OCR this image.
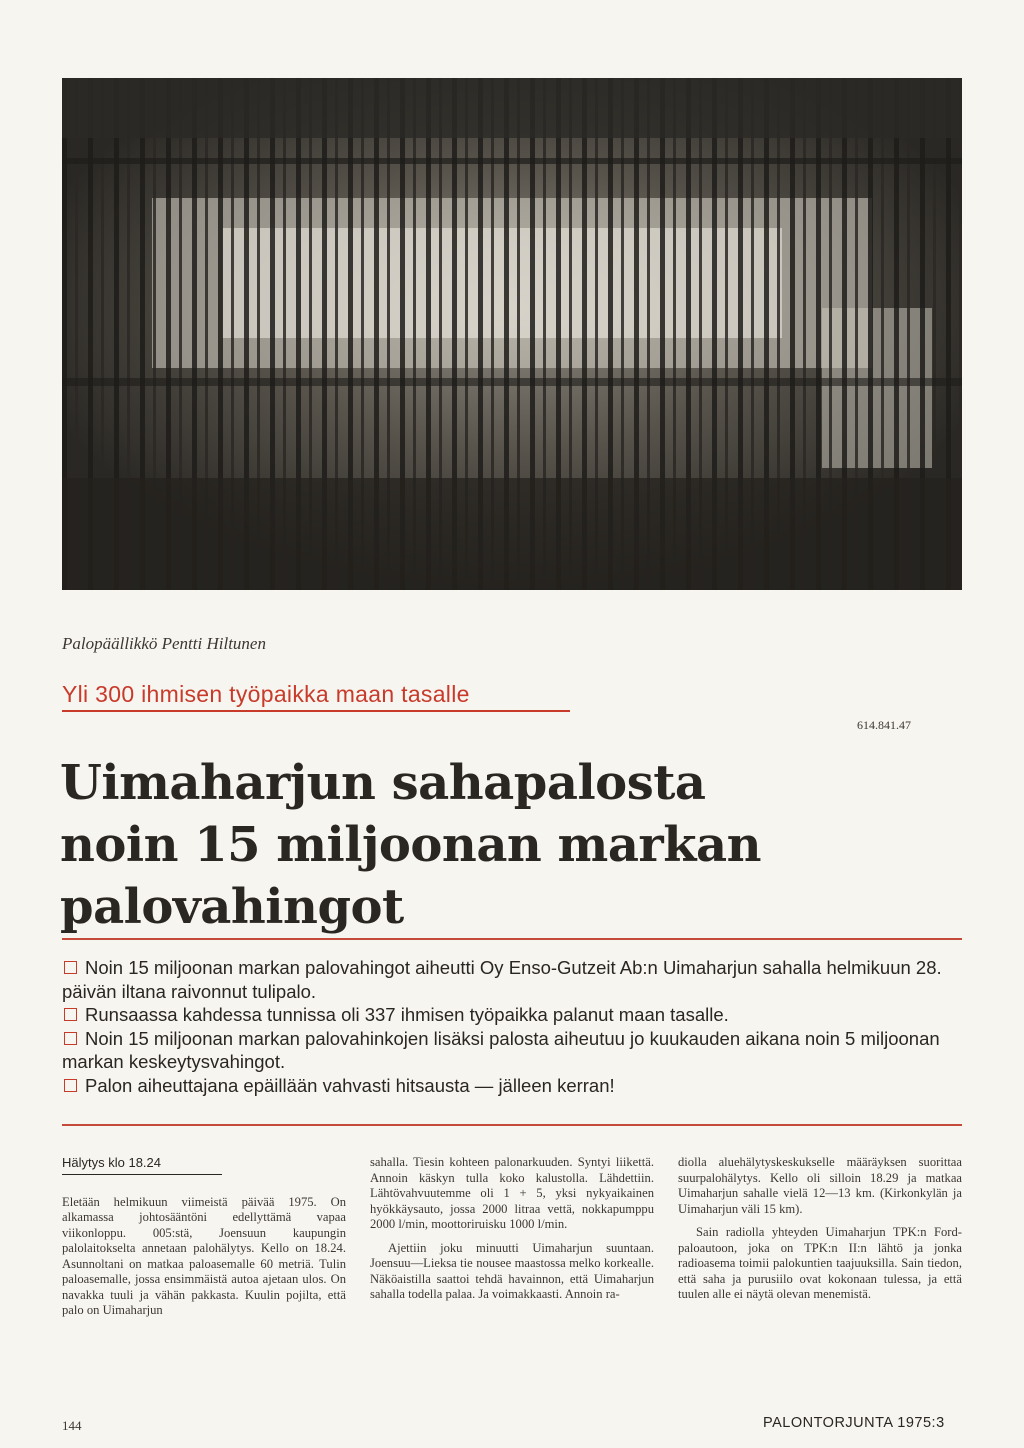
Palopäällikkö Pentti Hiltunen
Yli 300 ihmisen työpaikka maan tasalle
614.841.47
Uimaharjun sahapalosta
noin 15 miljoonan markan palovahingot

Noin 15 miljoonan markan palovahingot aiheutti Oy Enso-Gutzeit Ab:n Uimaharjun sahalla helmikuun 28. päivän iltana raivonnut tulipalo.

Runsaassa kahdessa tunnissa oli 337 ihmisen työpaikka palanut maan tasalle.

Noin 15 miljoonan markan palovahinkojen lisäksi palosta aiheutuu jo kuukauden aikana noin 5 miljoonan markan keskeytysvahingot.

Palon aiheuttajana epäillään vahvasti hitsausta — jälleen kerran!

Hälytys klo 18.24

Eletään helmikuun viimeistä päivää 1975. On alkamassa johtosääntöni edellyttämä vapaa viikonloppu. 005:stä, Joensuun kaupungin palolaitokselta annetaan palohälytys. Kello on 18.24. Asunnoltani on matkaa paloasemalle 60 metriä. Tulin paloasemalle, jossa ensimmäistä autoa ajetaan ulos. On navakka tuuli ja vähän pakkasta. Kuulin pojilta, että palo on Uimaharjun

sahalla. Tiesin kohteen palonarkuuden. Syntyi liikettä. Annoin käskyn tulla koko kalustolla. Lähdettiin. Lähtövahvuutemme oli 1 + 5, yksi nykyaikainen hyökkäysauto, jossa 2000 litraa vettä, nokkapumppu 2000 l/min, moottoriruisku 1000 l/min.

Ajettiin joku minuutti Uimaharjun suuntaan. Joensuu—Lieksa tie nousee maastossa melko korkealle. Näköaistilla saattoi tehdä havainnon, että Uimaharjun sahalla todella palaa. Ja voimakkaasti. Annoin ra-

diolla aluehälytyskeskukselle määräyksen suorittaa suurpalohälytys. Kello oli silloin 18.29 ja matkaa Uimaharjun sahalle vielä 12—13 km. (Kirkonkylän ja Uimaharjun väli 15 km).

Sain radiolla yhteyden Uimaharjun TPK:n Ford-paloautoon, joka on TPK:n II:n lähtö ja jonka radioasema toimii palokuntien taajuuksilla. Sain tiedon, että saha ja purusiilo ovat kokonaan tulessa, ja että tuulen alle ei näytä olevan menemistä.

144	PALONTORJUNTA 1975:3
